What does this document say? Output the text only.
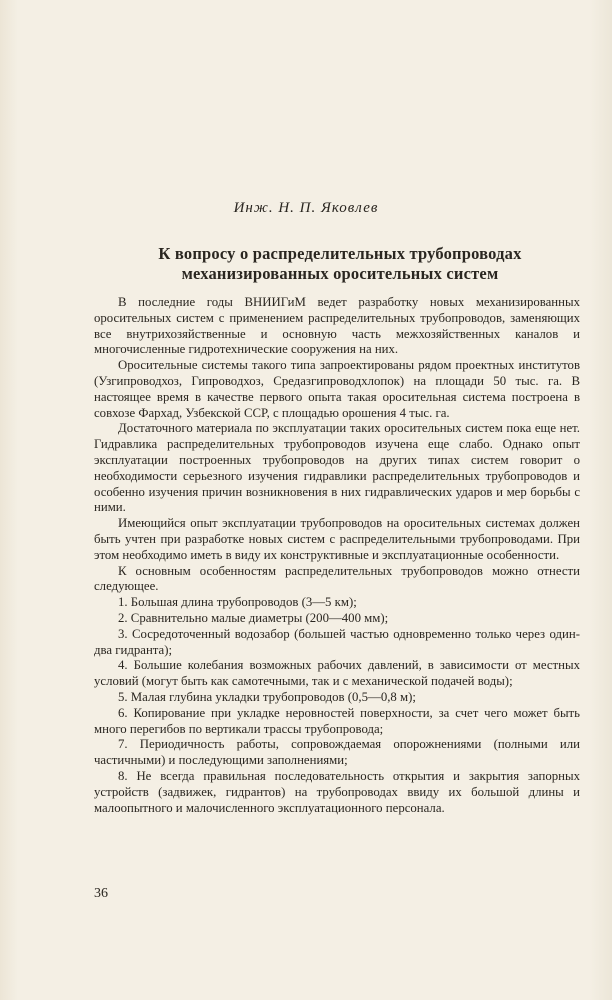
Инж. Н. П. Яковлев
К вопросу о распределительных трубопроводах
механизированных оросительных систем

В последние годы ВНИИГиМ ведет разработку новых механизированных оросительных систем с применением распределительных трубопроводов, заменяющих все внутрихозяйственные и основную часть межхозяйственных каналов и многочисленные гидротехнические сооружения на них.

Оросительные системы такого типа запроектированы рядом проектных институтов (Узгипроводхоз, Гипроводхоз, Средазгипроводхлопок) на площади 50 тыс. га. В настоящее время в качестве первого опыта такая оросительная система построена в совхозе Фархад, Узбекской ССР, с площадью орошения 4 тыс. га.

Достаточного материала по эксплуатации таких оросительных систем пока еще нет. Гидравлика распределительных трубопроводов изучена еще слабо. Однако опыт эксплуатации построенных трубопроводов на других типах систем говорит о необходимости серьезного изучения гидравлики распределительных трубопроводов и особенно изучения причин возникновения в них гидравлических ударов и мер борьбы с ними.

Имеющийся опыт эксплуатации трубопроводов на оросительных системах должен быть учтен при разработке новых систем с распределительными трубопроводами. При этом необходимо иметь в виду их конструктивные и эксплуатационные особенности.

К основным особенностям распределительных трубопроводов можно отнести следующее.

1. Большая длина трубопроводов (3—5 км);
2. Сравнительно малые диаметры (200—400 мм);
3. Сосредоточенный водозабор (большей частью одновременно только через один-два гидранта);
4. Большие колебания возможных рабочих давлений, в зависимости от местных условий (могут быть как самотечными, так и с механической подачей воды);
5. Малая глубина укладки трубопроводов (0,5—0,8 м);
6. Копирование при укладке неровностей поверхности, за счет чего может быть много перегибов по вертикали трассы трубопровода;
7. Периодичность работы, сопровождаемая опорожнениями (полными или частичными) и последующими заполнениями;
8. Не всегда правильная последовательность открытия и закрытия запорных устройств (задвижек, гидрантов) на трубопроводах ввиду их большой длины и малоопытного и малочисленного эксплуатационного персонала.
36
